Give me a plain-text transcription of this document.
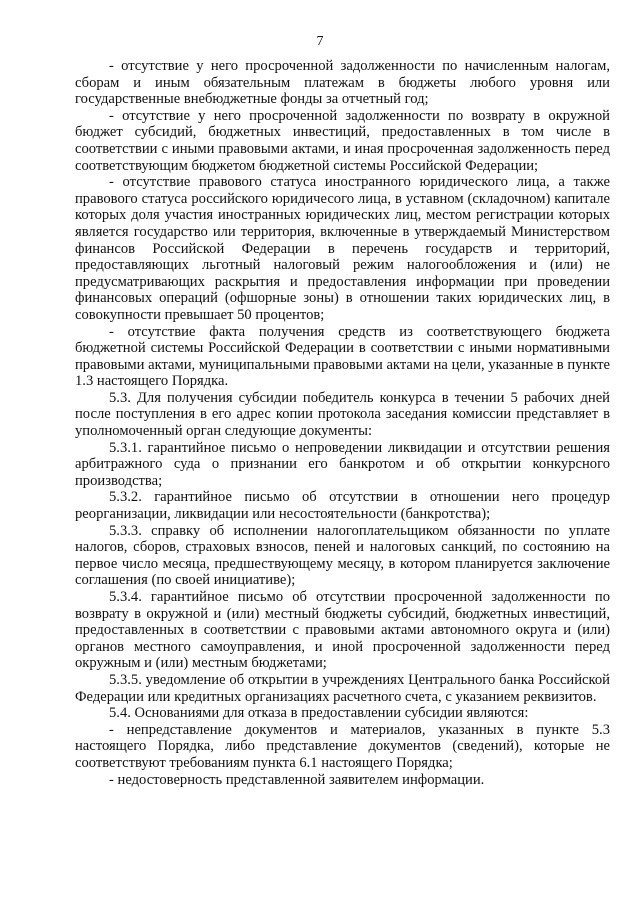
7

- отсутствие у него просроченной задолженности по начисленным налогам, сборам и иным обязательным платежам в бюджеты любого уровня или государственные внебюджетные фонды за отчетный год;

- отсутствие у него просроченной задолженности по возврату в окружной бюджет субсидий, бюджетных инвестиций, предоставленных в том числе в соответствии с иными правовыми актами, и иная просроченная задолженность перед соответствующим бюджетом бюджетной системы Российской Федерации;

- отсутствие правового статуса иностранного юридического лица, а также правового статуса российского юридичесого лица, в уставном (складочном) капитале которых доля участия иностранных юридических лиц, местом регистрации которых является государство или территория, включенные в утверждаемый Министерством финансов Российской Федерации в перечень государств и территорий, предоставляющих льготный налоговый режим налогообложения и (или) не предусматривающих раскрытия и предоставления информации при проведении финансовых операций (офшорные зоны) в отношении таких юридических лиц, в совокупности превышает 50 процентов;

- отсутствие факта получения средств из соответствующего бюджета бюджетной системы Российской Федерации в соответствии с иными нормативными правовыми актами, муниципальными правовыми актами на цели, указанные в пункте 1.3 настоящего Порядка.

5.3. Для получения субсидии победитель конкурса в течении 5 рабочих дней после поступления в его адрес копии протокола заседания комиссии представляет в уполномоченный орган следующие документы:

5.3.1. гарантийное письмо о непроведении ликвидации и отсутствии решения арбитражного суда о признании его банкротом и об открытии конкурсного производства;

5.3.2. гарантийное письмо об отсутствии в отношении него процедур реорганизации, ликвидации или несостоятельности (банкротства);

5.3.3. справку об исполнении налогоплательщиком обязанности по уплате налогов, сборов, страховых взносов, пеней и налоговых санкций, по состоянию на первое число месяца, предшествующему месяцу, в котором планируется заключение соглашения (по своей инициативе);

5.3.4. гарантийное письмо об отсутствии просроченной задолженности по возврату в окружной и (или) местный бюджеты субсидий, бюджетных инвестиций, предоставленных в соответствии с правовыми актами автономного округа и (или) органов местного самоуправления, и иной просроченной задолженности перед окружным и (или) местным бюджетами;

5.3.5. уведомление об открытии в учреждениях Центрального банка Российской Федерации или кредитных организациях расчетного счета, с указанием реквизитов.

5.4. Основаниями для отказа в предоставлении субсидии являются:

- непредставление документов и материалов, указанных в пункте 5.3 настоящего Порядка, либо представление документов (сведений), которые не соответствуют требованиям пункта 6.1 настоящего Порядка;

- недостоверность представленной заявителем информации.
